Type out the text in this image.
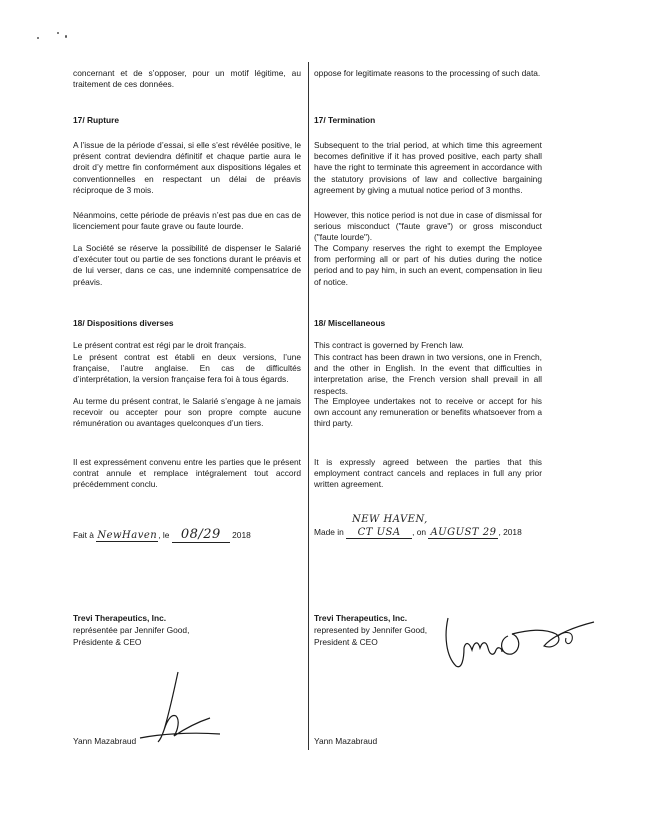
concernant et de s’opposer, pour un motif légitime, au traitement de ces données.

17/ Rupture

A l’issue de la période d’essai, si elle s’est révélée positive, le présent contrat deviendra définitif et chaque partie aura le droit d’y mettre fin conformément aux dispositions légales et conventionnelles en respectant un délai de préavis réciproque de 3 mois.

Néanmoins, cette période de préavis n’est pas due en cas de licenciement pour faute grave ou faute lourde.

La Société se réserve la possibilité de dispenser le Salarié d’exécuter tout ou partie de ses fonctions durant le préavis et de lui verser, dans ce cas, une indemnité compensatrice de préavis.

18/ Dispositions diverses

Le présent contrat est régi par le droit français.

Le présent contrat est établi en deux versions, l’une française, l’autre anglaise. En cas de difficultés d’interprétation, la version française fera foi à tous égards.

Au terme du présent contrat, le Salarié s’engage à ne jamais recevoir ou accepter pour son propre compte aucune rémunération ou avantages quelconques d’un tiers.

Il est expressément convenu entre les parties que le présent contrat annule et remplace intégralement tout accord précédemment conclu.

Fait à NewHaven, le 08/29 2018
Trevi Therapeutics, Inc.
représentée par Jennifer Good,
Présidente & CEO
Yann Mazabraud

oppose for legitimate reasons to the processing of such data.

17/ Termination

Subsequent to the trial period, at which time this agreement becomes definitive if it has proved positive, each party shall have the right to terminate this agreement in accordance with the statutory provisions of law and collective bargaining agreement by giving a mutual notice period of 3 months.

However, this notice period is not due in case of dismissal for serious misconduct ("faute grave") or gross misconduct ("faute lourde").

The Company reserves the right to exempt the Employee from performing all or part of his duties during the notice period and to pay him, in such an event, compensation in lieu of notice.

18/ Miscellaneous

This contract is governed by French law.

This contract has been drawn in two versions, one in French, and the other in English. In the event that difficulties in interpretation arise, the French version shall prevail in all respects.

The Employee undertakes not to receive or accept for his own account any remuneration or benefits whatsoever from a third party.

It is expressly agreed between the parties that this employment contract cancels and replaces in full any prior written agreement.

NEW HAVEN,
Made in CT USA , on AUGUST 29 , 2018
Trevi Therapeutics, Inc.
represented by Jennifer Good,
President & CEO
Yann Mazabraud
